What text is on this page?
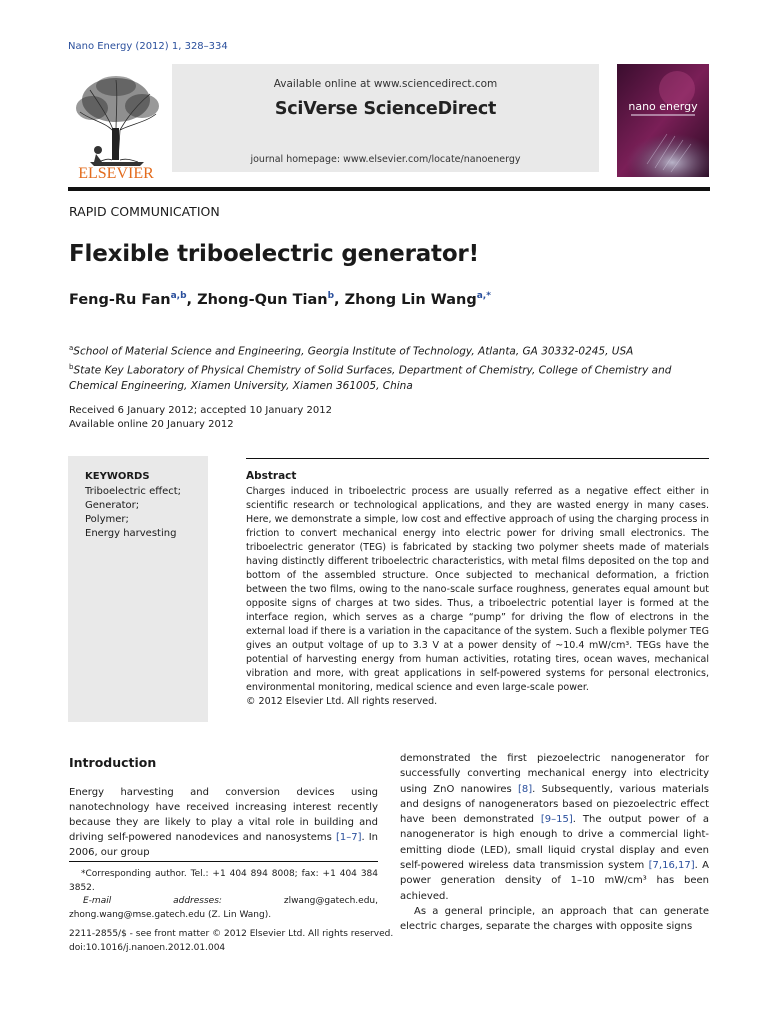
Nano Energy (2012) 1, 328–334
ELSEVIER
Available online at www.sciencedirect.com
SciVerse ScienceDirect
journal homepage: www.elsevier.com/locate/nanoenergy
nano energy
RAPID COMMUNICATION
Flexible triboelectric generator!
Feng-Ru Fan$^{a,b}$, Zhong-Qun Tian$^b$, Zhong Lin Wang$^{a,*}$
$^a$School of Material Science and Engineering, Georgia Institute of Technology, Atlanta, GA 30332-0245, USA
$^b$State Key Laboratory of Physical Chemistry of Solid Surfaces, Department of Chemistry, College of Chemistry and Chemical Engineering, Xiamen University, Xiamen 361005, China
Received 6 January 2012; accepted 10 January 2012
Available online 20 January 2012
KEYWORDS
Triboelectric effect;
Generator;
Polymer;
Energy harvesting
Abstract

Charges induced in triboelectric process are usually referred as a negative effect either in scientific research or technological applications, and they are wasted energy in many cases. Here, we demonstrate a simple, low cost and effective approach of using the charging process in friction to convert mechanical energy into electric power for driving small electronics. The triboelectric generator (TEG) is fabricated by stacking two polymer sheets made of materials having distinctly different triboelectric characteristics, with metal films deposited on the top and bottom of the assembled structure. Once subjected to mechanical deformation, a friction between the two films, owing to the nano-scale surface roughness, generates equal amount but opposite signs of charges at two sides. Thus, a triboelectric potential layer is formed at the interface region, which serves as a charge “pump” for driving the flow of electrons in the external load if there is a variation in the capacitance of the system. Such a flexible polymer TEG gives an output voltage of up to 3.3 V at a power density of ~10.4 mW/cm³. TEGs have the potential of harvesting energy from human activities, rotating tires, ocean waves, mechanical vibration and more, with great applications in self-powered systems for personal electronics, environmental monitoring, medical science and even large-scale power.

© 2012 Elsevier Ltd. All rights reserved.

Introduction
Energy harvesting and conversion devices using nanotechnology have received increasing interest recently because they are likely to play a vital role in building and driving self-powered nanodevices and nanosystems [1–7]. In 2006, our group
*Corresponding author. Tel.: +1 404 894 8008; fax: +1 404 384 3852.
E-mail addresses:	zlwang@gatech.edu, zhong.wang@mse.gatech.edu (Z. Lin Wang).

demonstrated the first piezoelectric nanogenerator for successfully converting mechanical energy into electricity using ZnO nanowires [8]. Subsequently, various materials and designs of nanogenerators based on piezoelectric effect have been demonstrated [9–15]. The output power of a nanogenerator is high enough to drive a commercial light-emitting diode (LED), small liquid crystal display and even self-powered wireless data transmission system [7,16,17]. A power generation density of 1–10 mW/cm³ has been achieved.

As a general principle, an approach that can generate electric charges, separate the charges with opposite signs

2211-2855/$ - see front matter © 2012 Elsevier Ltd. All rights reserved.
doi:10.1016/j.nanoen.2012.01.004
